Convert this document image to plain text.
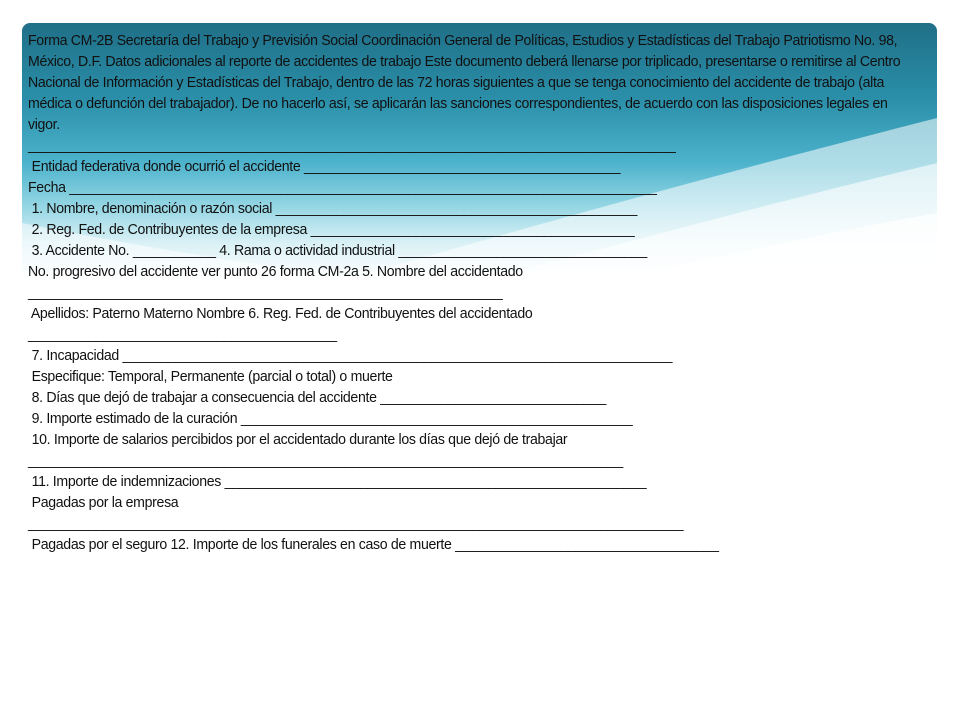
Forma CM-2B Secretaría del Trabajo y Previsión Social Coordinación General de Políticas, Estudios y Estadísticas del Trabajo Patriotismo No. 98, México, D.F. Datos adicionales al reporte de accidentes de trabajo Este documento deberá llenarse por triplicado, presentarse o remitirse al Centro Nacional de Información y Estadísticas del Trabajo, dentro de las 72 horas siguientes a que se tenga conocimiento del accidente de trabajo (alta médica o defunción del trabajador). De no hacerlo así, se aplicarán las sanciones correspondientes, de acuerdo con las disposiciones legales en vigor.

______________________________________________________________________________________
Entidad federativa donde ocurrió el accidente __________________________________________
Fecha ______________________________________________________________________________
1. Nombre, denominación o razón social ________________________________________________
2. Reg. Fed. de Contribuyentes de la empresa ___________________________________________
3. Accidente No. ___________ 4. Rama o actividad industrial _________________________________
No. progresivo del accidente ver punto 26 forma CM-2a 5. Nombre del accidentado
_______________________________________________________________
Apellidos: Paterno Materno Nombre 6. Reg. Fed. de Contribuyentes del accidentado
_________________________________________
7. Incapacidad _________________________________________________________________________
Especifique: Temporal, Permanente (parcial o total) o muerte
8. Días que dejó de trabajar a consecuencia del accidente ______________________________
9. Importe estimado de la curación ____________________________________________________
10. Importe de salarios percibidos por el accidentado durante los días que dejó de trabajar
_______________________________________________________________________________
11. Importe de indemnizaciones ________________________________________________________
Pagadas por la empresa
_______________________________________________________________________________________
Pagadas por el seguro 12. Importe de los funerales en caso de muerte ___________________________________
